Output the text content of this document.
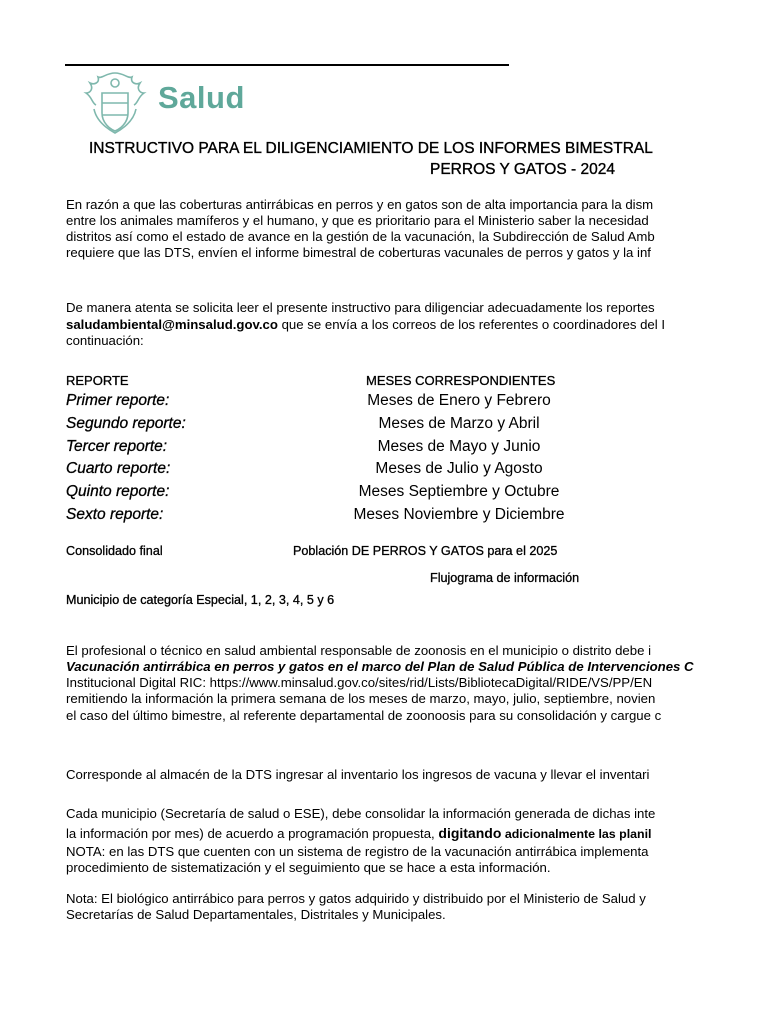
Salud
INSTRUCTIVO PARA EL DILIGENCIAMIENTO DE LOS INFORMES BIMESTRAL
PERROS Y GATOS - 2024
En razón a que las coberturas antirrábicas en perros y en gatos son de alta importancia para la dism
entre los animales mamíferos y el humano, y que es prioritario para el Ministerio saber la necesidad
distritos así como el estado de avance en la gestión de la vacunación, la Subdirección de Salud Amb
requiere que las DTS, envíen el informe bimestral de coberturas vacunales de perros y gatos y la inf
De manera atenta se solicita leer el presente instructivo para diligenciar adecuadamente los reportes
saludambiental@minsalud.gov.co que se envía a los correos de los referentes o coordinadores del I
continuación:
REPORTE	MESES CORRESPONDIENTES
Primer reporte:	Meses de Enero y Febrero
Segundo reporte:	Meses de Marzo y Abril
Tercer reporte:	Meses de Mayo y Junio
Cuarto reporte:	Meses de Julio y Agosto
Quinto reporte:	Meses Septiembre y Octubre
Sexto reporte:	Meses Noviembre y Diciembre
Consolidado final	Población DE PERROS Y GATOS para el 2025
Flujograma de información
Municipio de categoría Especial, 1, 2, 3, 4, 5 y 6
El profesional o técnico en salud ambiental responsable de zoonosis en el municipio o distrito debe i
Vacunación antirrábica en perros y gatos en el marco del Plan de Salud Pública de Intervenciones C
Institucional Digital RIC: https://www.minsalud.gov.co/sites/rid/Lists/BibliotecaDigital/RIDE/VS/PP/EN
remitiendo la información la primera semana de los meses de marzo, mayo, julio, septiembre, novien
el caso del último bimestre, al referente departamental de zoonoosis para su consolidación y cargue c
Corresponde al almacén de la DTS ingresar al inventario los ingresos de vacuna y llevar el inventari
Cada municipio (Secretaría de salud o ESE), debe consolidar la información generada de dichas inte
la información por mes) de acuerdo a programación propuesta, digitando adicionalmente las planil
NOTA: en las DTS que cuenten con un sistema de registro de la vacunación antirrábica implementa
procedimiento de sistematización y el seguimiento que se hace a esta información.
Nota: El biológico antirrábico para perros y gatos adquirido y distribuido por el Ministerio de Salud y
Secretarías de Salud Departamentales, Distritales y Municipales.
